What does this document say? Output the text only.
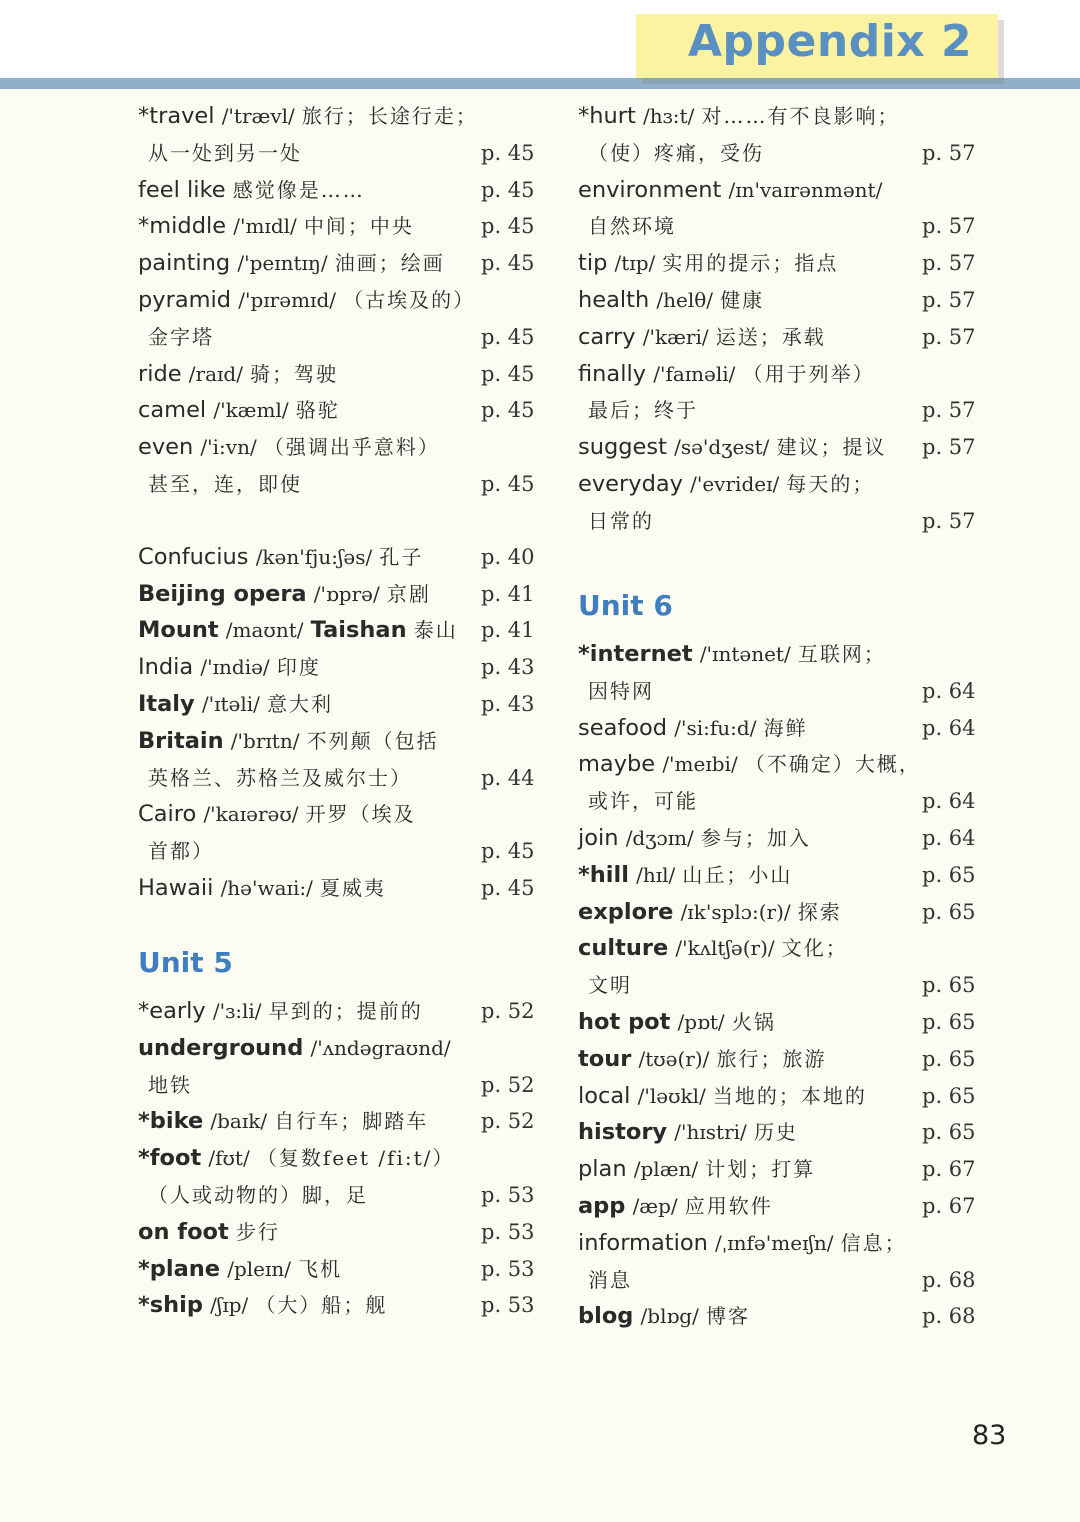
Appendix 2
*travel /'trævl/ 旅行；长途行走；
从一处到另一处	p. 45
feel like 感觉像是……	p. 45
*middle /'mɪdl/ 中间；中央	p. 45
painting /'peɪntɪŋ/ 油画；绘画 p. 45
pyramid /'pɪrəmɪd/ （古埃及的）
金字塔	p. 45
ride /raɪd/ 骑；驾驶	p. 45
camel /'kæml/ 骆驼	p. 45
even /'i:vn/ （强调出乎意料）
甚至，连，即使	p. 45
Confucius /kən'fju:ʃəs/ 孔子	p. 40
Beijing opera /'ɒprə/ 京剧 p. 41
Mount /maʊnt/ Taishan 泰山 p. 41
India /'ɪndiə/ 印度	p. 43
Italy /'ɪtəli/ 意大利	p. 43
Britain /'brɪtn/ 不列颠（包括
英格兰、苏格兰及威尔士）	p. 44
Cairo /'kaɪərəʊ/ 开罗（埃及
首都）	p. 45
Hawaii /hə'waɪi:/ 夏威夷	p. 45
Unit 5
*early /'ɜ:li/ 早到的；提前的	p. 52
underground /'ʌndəgraʊnd/
地铁	p. 52
*bike /baɪk/ 自行车；脚踏车	p. 52
*foot /fʊt/ （复数feet /fi:t/）
（人或动物的）脚，足	p. 53
on foot 步行	p. 53
*plane /pleɪn/ 飞机	p. 53
*ship /ʃɪp/ （大）船；舰	p. 53
*hurt /hɜ:t/ 对……有不良影响；
（使）疼痛，受伤	p. 57
environment /ɪn'vaɪrənmənt/
自然环境	p. 57
tip /tɪp/ 实用的提示；指点	p. 57
health /helθ/ 健康	p. 57
carry /'kæri/ 运送；承载	p. 57
finally /'faɪnəli/ （用于列举）
最后；终于	p. 57
suggest /sə'dʒest/ 建议；提议 p. 57
everyday /'evrideɪ/ 每天的；
日常的	p. 57
Unit 6
*internet /'ɪntənet/ 互联网；
因特网	p. 64
seafood /'si:fu:d/ 海鲜	p. 64
maybe /'meɪbi/ （不确定）大概，
或许，可能	p. 64
join /dʒɔɪn/ 参与；加入	p. 64
*hill /hɪl/ 山丘；小山	p. 65
explore /ɪk'splɔ:(r)/ 探索	p. 65
culture /'kʌltʃə(r)/ 文化；
文明	p. 65
hot pot /pɒt/ 火锅	p. 65
tour /tʊə(r)/ 旅行；旅游	p. 65
local /'ləʊkl/ 当地的；本地的	p. 65
history /'hɪstri/ 历史	p. 65
plan /plæn/ 计划；打算	p. 67
app /æp/ 应用软件	p. 67
information /ˌɪnfə'meɪʃn/ 信息；
消息	p. 68
blog /blɒg/ 博客	p. 68
83
